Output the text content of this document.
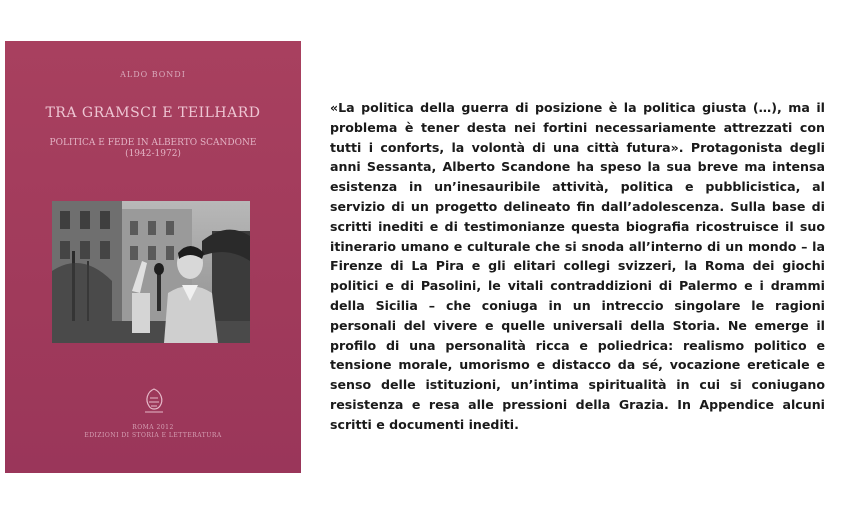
ALDO BONDI
TRA GRAMSCI E TEILHARD
POLITICA E FEDE IN ALBERTO SCANDONE
(1942-1972)
ROMA 2012
EDIZIONI DI STORIA E LETTERATURA

«La politica della guerra di posizione è la politica giusta (…), ma il problema è tener desta nei fortini necessariamente attrezzati con tutti i conforts, la volontà di una città futura». Protagonista degli anni Sessanta, Alberto Scandone ha speso la sua breve ma intensa esistenza in un’inesauribile attività, politica e pubblicistica, al servizio di un progetto delineato fin dall’adolescenza. Sulla base di scritti inediti e di testimonianze questa biografia ricostruisce il suo itinerario umano e culturale che si snoda all’interno di un mondo – la Firenze di La Pira e gli elitari collegi svizzeri, la Roma dei giochi politici e di Pasolini, le vitali contraddizioni di Palermo e i drammi della Sicilia – che coniuga in un intreccio singolare le ragioni personali del vivere e quelle universali della Storia. Ne emerge il profilo di una personalità ricca e poliedrica: realismo politico e tensione morale, umorismo e distacco da sé, vocazione ereticale e senso delle istituzioni, un’intima spiritualità in cui si coniugano resistenza e resa alle pressioni della Grazia. In Appendice alcuni scritti e documenti inediti.
